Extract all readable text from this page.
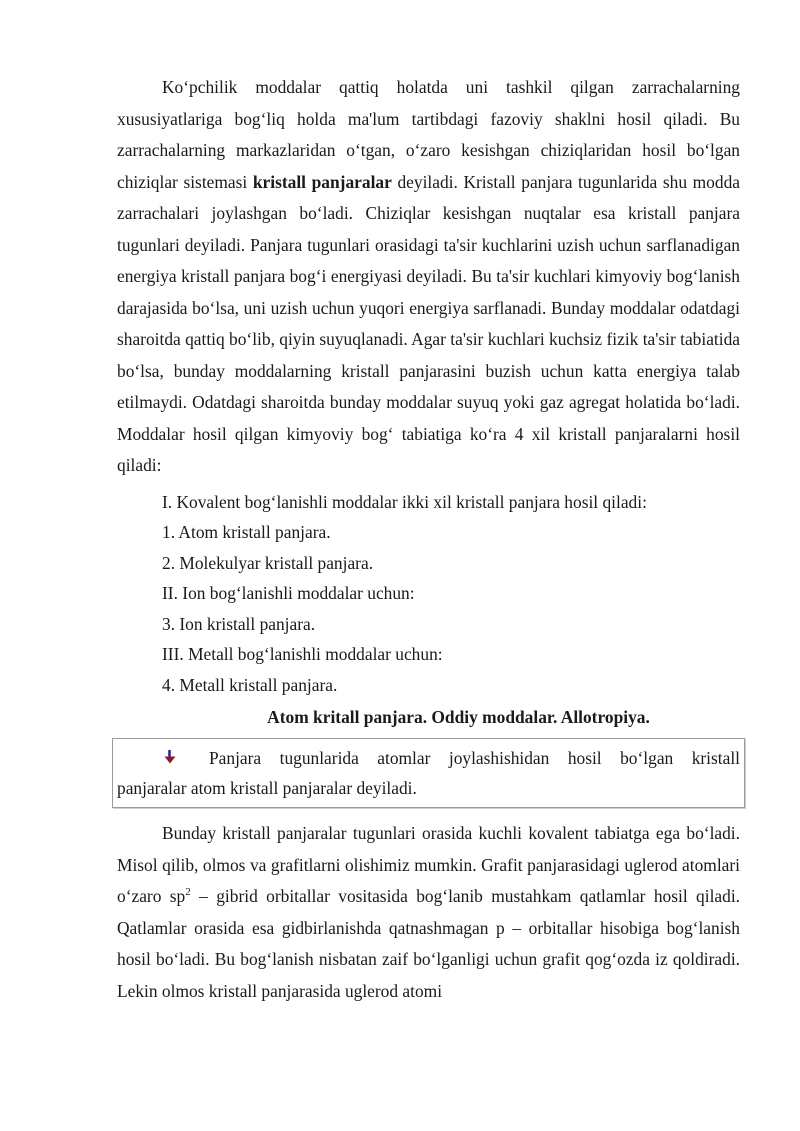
Ko‘pchilik moddalar qattiq holatda uni tashkil qilgan zarrachalarning xususiyatlariga bog‘liq holda ma'lum tartibdagi fazoviy shaklni hosil qiladi. Bu zarrachalarning markazlaridan o‘tgan, o‘zaro kesishgan chiziqlaridan hosil bo‘lgan chiziqlar sistemasi kristall panjaralar deyiladi. Kristall panjara tugunlarida shu modda zarrachalari joylashgan bo‘ladi. Chiziqlar kesishgan nuqtalar esa kristall panjara tugunlari deyiladi. Panjara tugunlari orasidagi ta'sir kuchlarini uzish uchun sarflanadigan energiya kristall panjara bog‘i energiyasi deyiladi. Bu ta'sir kuchlari kimyoviy bog‘lanish darajasida bo‘lsa, uni uzish uchun yuqori energiya sarflanadi. Bunday moddalar odatdagi sharoitda qattiq bo‘lib, qiyin suyuqlanadi. Agar ta'sir kuchlari kuchsiz fizik ta'sir tabiatida bo‘lsa, bunday moddalarning kristall panjarasini buzish uchun katta energiya talab etilmaydi. Odatdagi sharoitda bunday moddalar suyuq yoki gaz agregat holatida bo‘ladi. Moddalar hosil qilgan kimyoviy bog‘ tabiatiga ko‘ra 4 xil kristall panjaralarni hosil qiladi:

I. Kovalent bog‘lanishli moddalar ikki xil kristall panjara hosil qiladi:
1. Atom kristall panjara.
2. Molekulyar kristall panjara.
II. Ion bog‘lanishli moddalar uchun:
3. Ion kristall panjara.
III. Metall bog‘lanishli moddalar uchun:
4. Metall kristall panjara.
Atom kritall panjara. Oddiy moddalar. Allotropiya.

Panjara tugunlarida atomlar joylashishidan hosil bo‘lgan kristall

panjaralar atom kristall panjaralar deyiladi.

Bunday kristall panjaralar tugunlari orasida kuchli kovalent tabiatga ega bo‘ladi. Misol qilib, olmos va grafitlarni olishimiz mumkin. Grafit panjarasidagi uglerod atomlari o‘zaro $sp^2$ – gibrid orbitallar vositasida bog‘lanib mustahkam qatlamlar hosil qiladi. Qatlamlar orasida esa gidbirlanishda qatnashmagan p – orbitallar hisobiga bog‘lanish hosil bo‘ladi. Bu bog‘lanish nisbatan zaif bo‘lganligi uchun grafit qog‘ozda iz qoldiradi. Lekin olmos kristall panjarasida uglerod atomi
